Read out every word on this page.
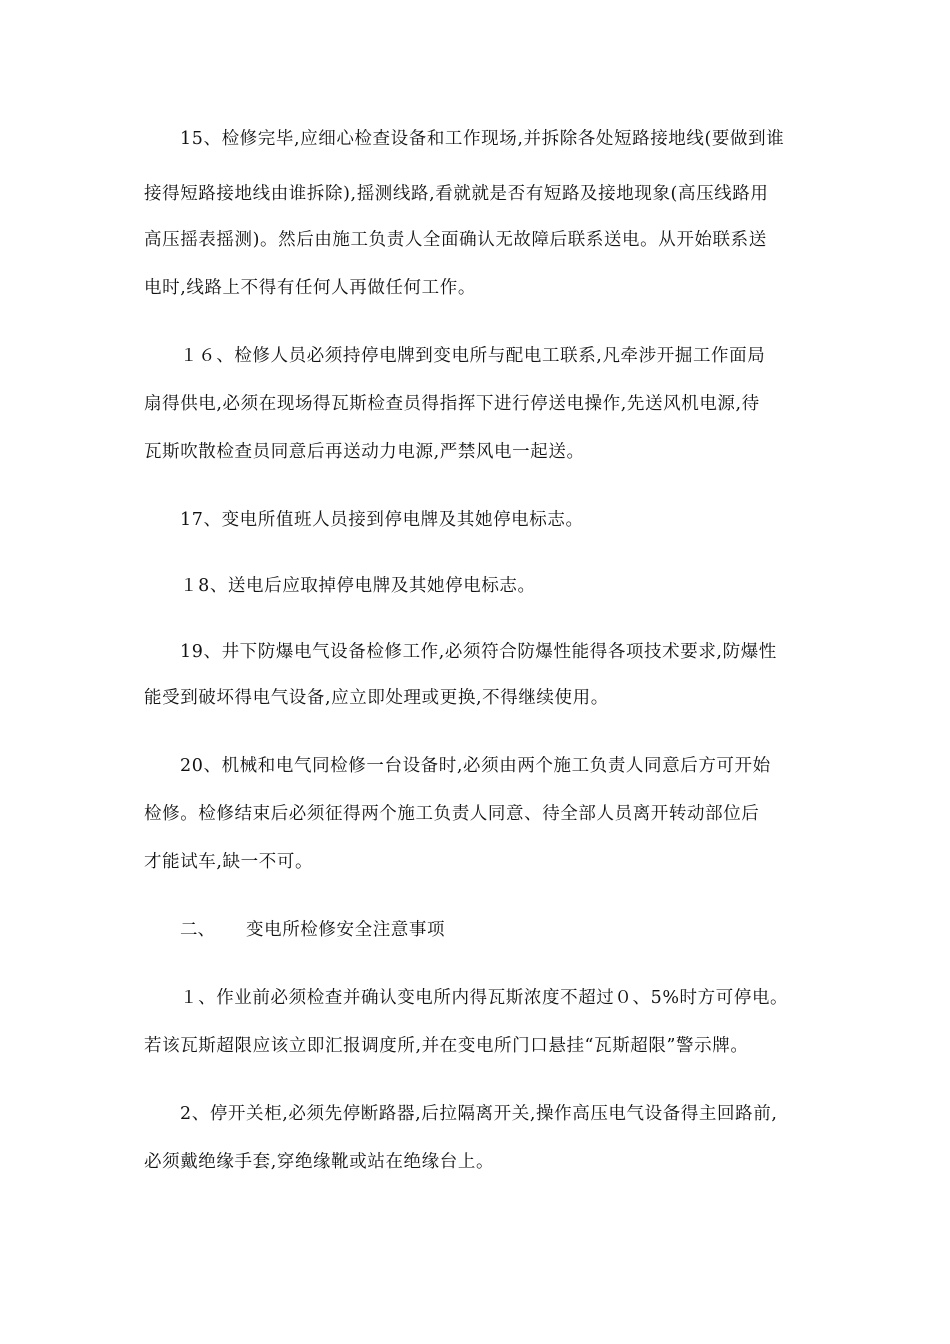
15、检修完毕,应细心检查设备和工作现场,并拆除各处短路接地线(要做到谁
接得短路接地线由谁拆除),摇测线路,看就就是否有短路及接地现象(高压线路用
高压摇表摇测)。然后由施工负责人全面确认无故障后联系送电。从开始联系送
电时,线路上不得有任何人再做任何工作。
１６、检修人员必须持停电牌到变电所与配电工联系,凡牵涉开掘工作面局
扇得供电,必须在现场得瓦斯检查员得指挥下进行停送电操作,先送风机电源,待
瓦斯吹散检查员同意后再送动力电源,严禁风电一起送。
17、变电所值班人员接到停电牌及其她停电标志。
１8、送电后应取掉停电牌及其她停电标志。
19、井下防爆电气设备检修工作,必须符合防爆性能得各项技术要求,防爆性
能受到破坏得电气设备,应立即处理或更换,不得继续使用。
20、机械和电气同检修一台设备时,必须由两个施工负责人同意后方可开始
检修。检修结束后必须征得两个施工负责人同意、待全部人员离开转动部位后
才能试车,缺一不可。
二、 变电所检修安全注意事项
１、作业前必须检查并确认变电所内得瓦斯浓度不超过０、5%时方可停电。
若该瓦斯超限应该立即汇报调度所,并在变电所门口悬挂“瓦斯超限”警示牌。
2、停开关柜,必须先停断路器,后拉隔离开关,操作高压电气设备得主回路前,
必须戴绝缘手套,穿绝缘靴或站在绝缘台上。
